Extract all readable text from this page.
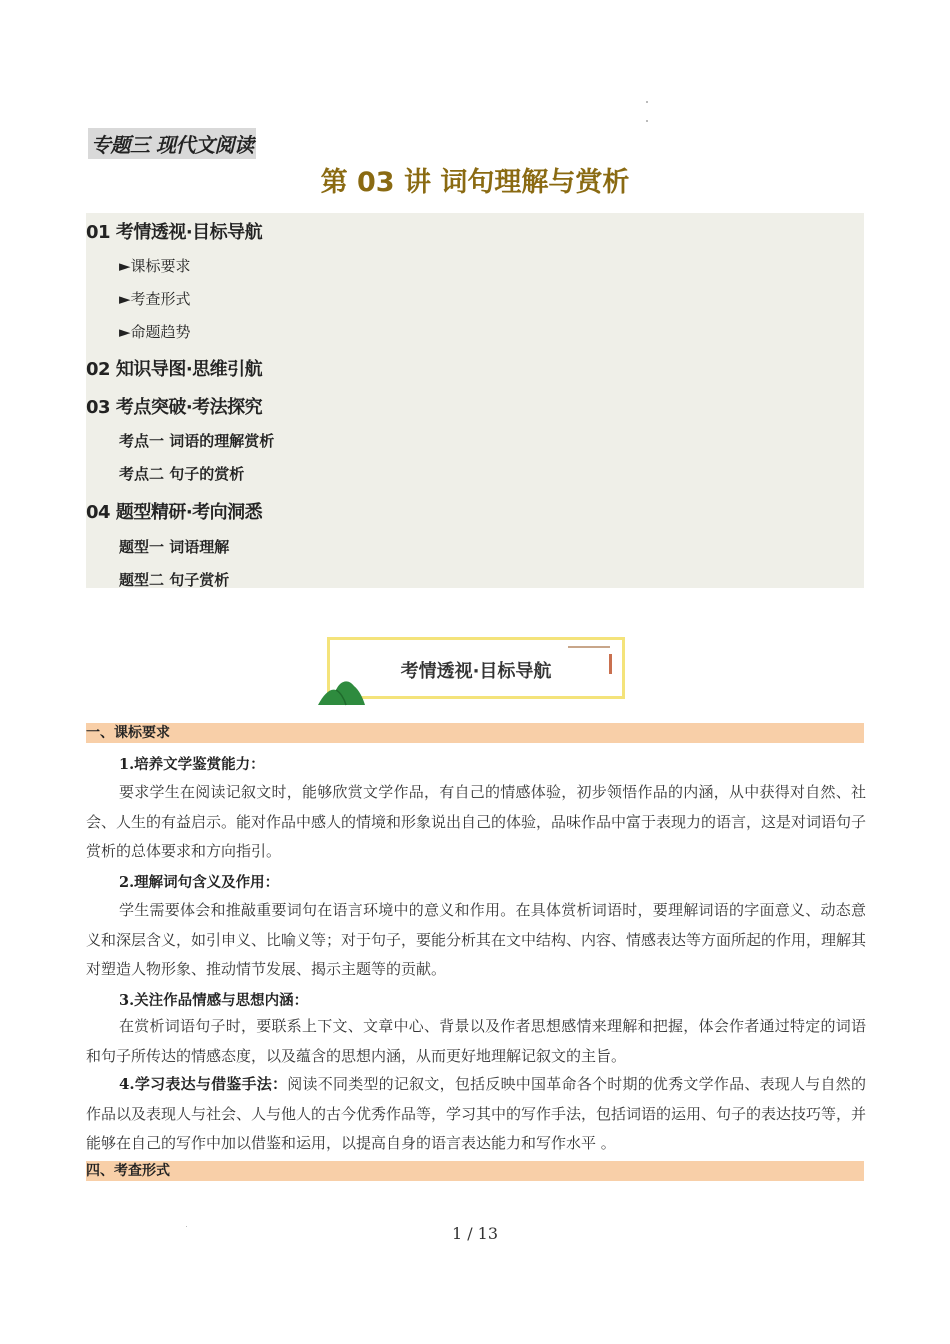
专题三 现代文阅读
第 03 讲 词句理解与赏析
01 考情透视·目标导航
►课标要求
►考查形式
►命题趋势
02 知识导图·思维引航
03 考点突破·考法探究
考点一 词语的理解赏析
考点二 句子的赏析
04 题型精研·考向洞悉
题型一 词语理解
题型二 句子赏析
考情透视·目标导航
一、课标要求
1.培养文学鉴赏能力：

要求学生在阅读记叙文时，能够欣赏文学作品，有自己的情感体验，初步领悟作品的内涵，从中获得对自然、社会、人生的有益启示。能对作品中感人的情境和形象说出自己的体验，品味作品中富于表现力的语言，这是对词语句子赏析的总体要求和方向指引。

2.理解词句含义及作用：

学生需要体会和推敲重要词句在语言环境中的意义和作用。在具体赏析词语时，要理解词语的字面意义、动态意义和深层含义，如引申义、比喻义等；对于句子，要能分析其在文中结构、内容、情感表达等方面所起的作用，理解其对塑造人物形象、推动情节发展、揭示主题等的贡献。

3.关注作品情感与思想内涵：

在赏析词语句子时，要联系上下文、文章中心、背景以及作者思想感情来理解和把握，体会作者通过特定的词语和句子所传达的情感态度，以及蕴含的思想内涵，从而更好地理解记叙文的主旨。

4.学习表达与借鉴手法：阅读不同类型的记叙文，包括反映中国革命各个时期的优秀文学作品、表现人与自然的作品以及表现人与社会、人与他人的古今优秀作品等，学习其中的写作手法，包括词语的运用、句子的表达技巧等，并能够在自己的写作中加以借鉴和运用，以提高自身的语言表达能力和写作水平 。

四、考查形式
1 / 13
